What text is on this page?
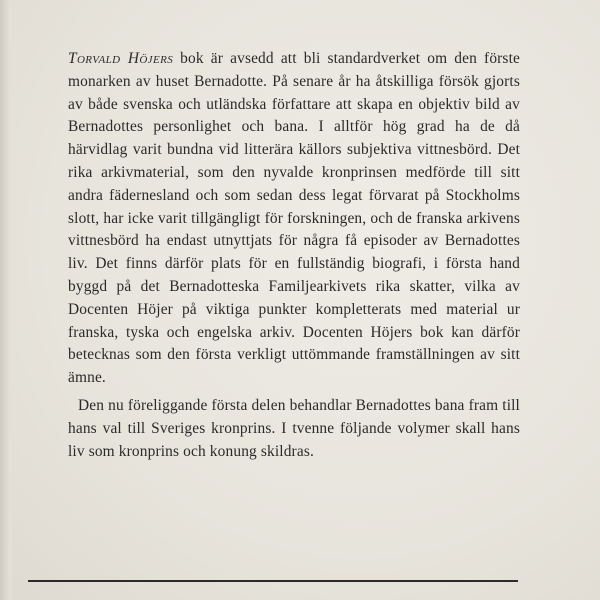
Torvald Höjers bok är avsedd att bli standardverket om den förste monarken av huset Bernadotte. På senare år ha åtskilliga försök gjorts av både svenska och utländska författare att skapa en objektiv bild av Bernadottes personlighet och bana. I alltför hög grad ha de då härvidlag varit bundna vid litterära källors subjektiva vittnesbörd. Det rika arkivmaterial, som den nyvalde kronprinsen medförde till sitt andra fädernesland och som sedan dess legat förvarat på Stockholms slott, har icke varit tillgängligt för forskningen, och de franska arkivens vittnesbörd ha endast utnyttjats för några få episoder av Bernadottes liv. Det finns därför plats för en fullständig biografi, i första hand byggd på det Bernadotteska Familjearkivets rika skatter, vilka av Docenten Höjer på viktiga punkter kompletterats med material ur franska, tyska och engelska arkiv. Docenten Höjers bok kan därför betecknas som den första verkligt uttömmande framställningen av sitt ämne.

Den nu föreliggande första delen behandlar Bernadottes bana fram till hans val till Sveriges kronprins. I tvenne följande volymer skall hans liv som kronprins och konung skildras.
